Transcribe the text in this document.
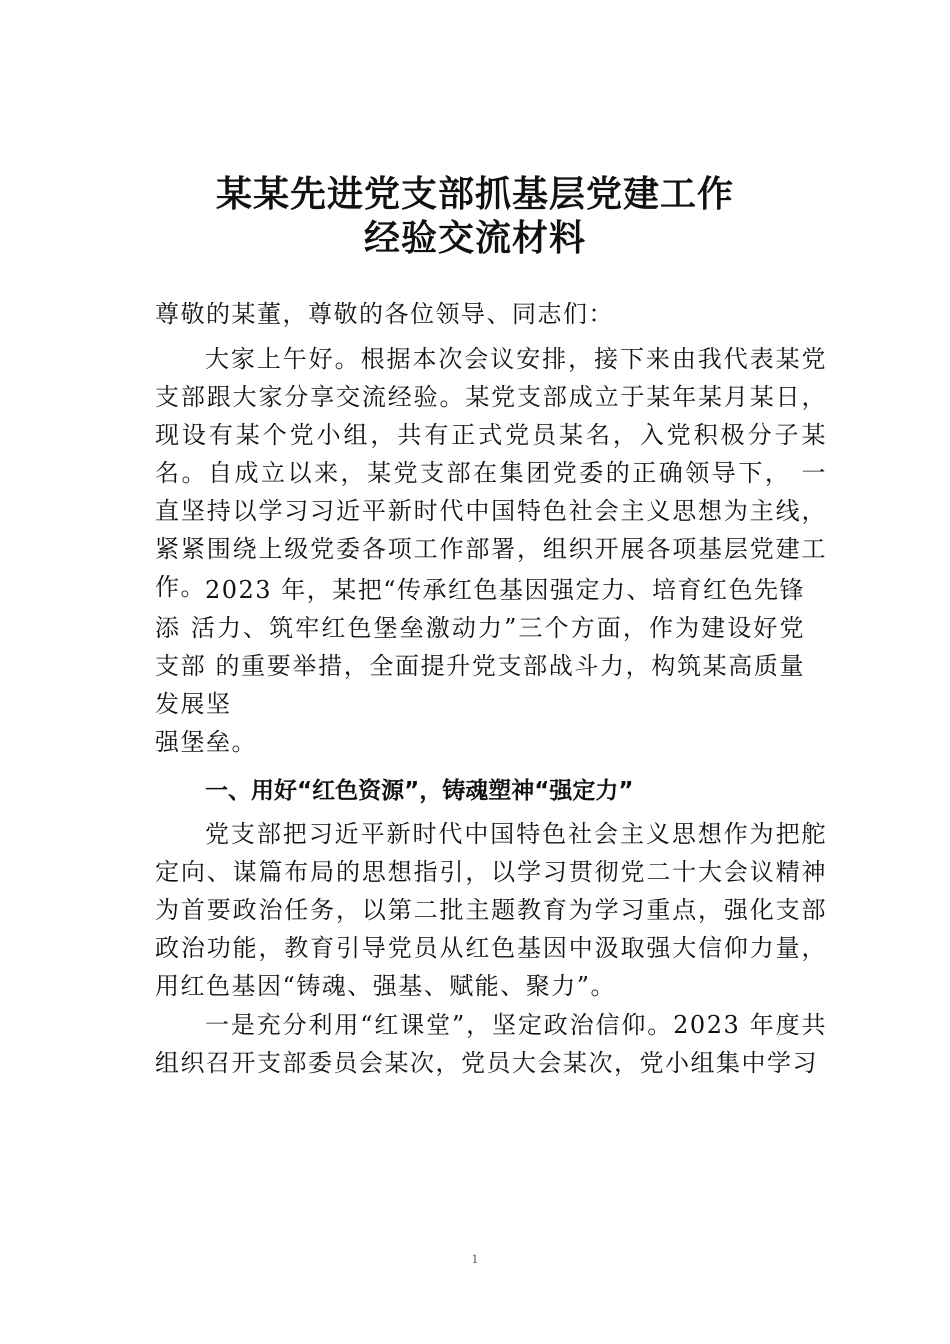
某某先进党支部抓基层党建工作
经验交流材料

尊敬的某董，尊敬的各位领导、同志们：

大家上午好。根据本次会议安排，接下来由我代表某党支部跟大家分享交流经验。某党支部成立于某年某月某日，现设有某个党小组，共有正式党员某名，入党积极分子某名。自成立以来，某党支部在集团党委的正确领导下， 一直坚持以学习习近平新时代中国特色社会主义思想为主线，紧紧围绕上级党委各项工作部署，组织开展各项基层党建工作。 2023 年，某把“传承红色基因强定力、培育红色先锋添 活力、筑牢红色堡垒激动力”三个方面，作为建设好党支部 的重要举措，全面提升党支部战斗力，构筑某高质量发展坚
强堡垒。

一、用好“红色资源”，铸魂塑神“强定力”

党支部把习近平新时代中国特色社会主义思想作为把舵定向、谋篇布局的思想指引，以学习贯彻党二十大会议精神为首要政治任务，以第二批主题教育为学习重点，强化支部政治功能，教育引导党员从红色基因中汲取强大信仰力量，用红色基因“铸魂、强基、赋能、聚力”。

一是充分利用“红课堂”，坚定政治信仰。2023 年度共组织召开支部委员会某次，党员大会某次，党小组集中学习

1
